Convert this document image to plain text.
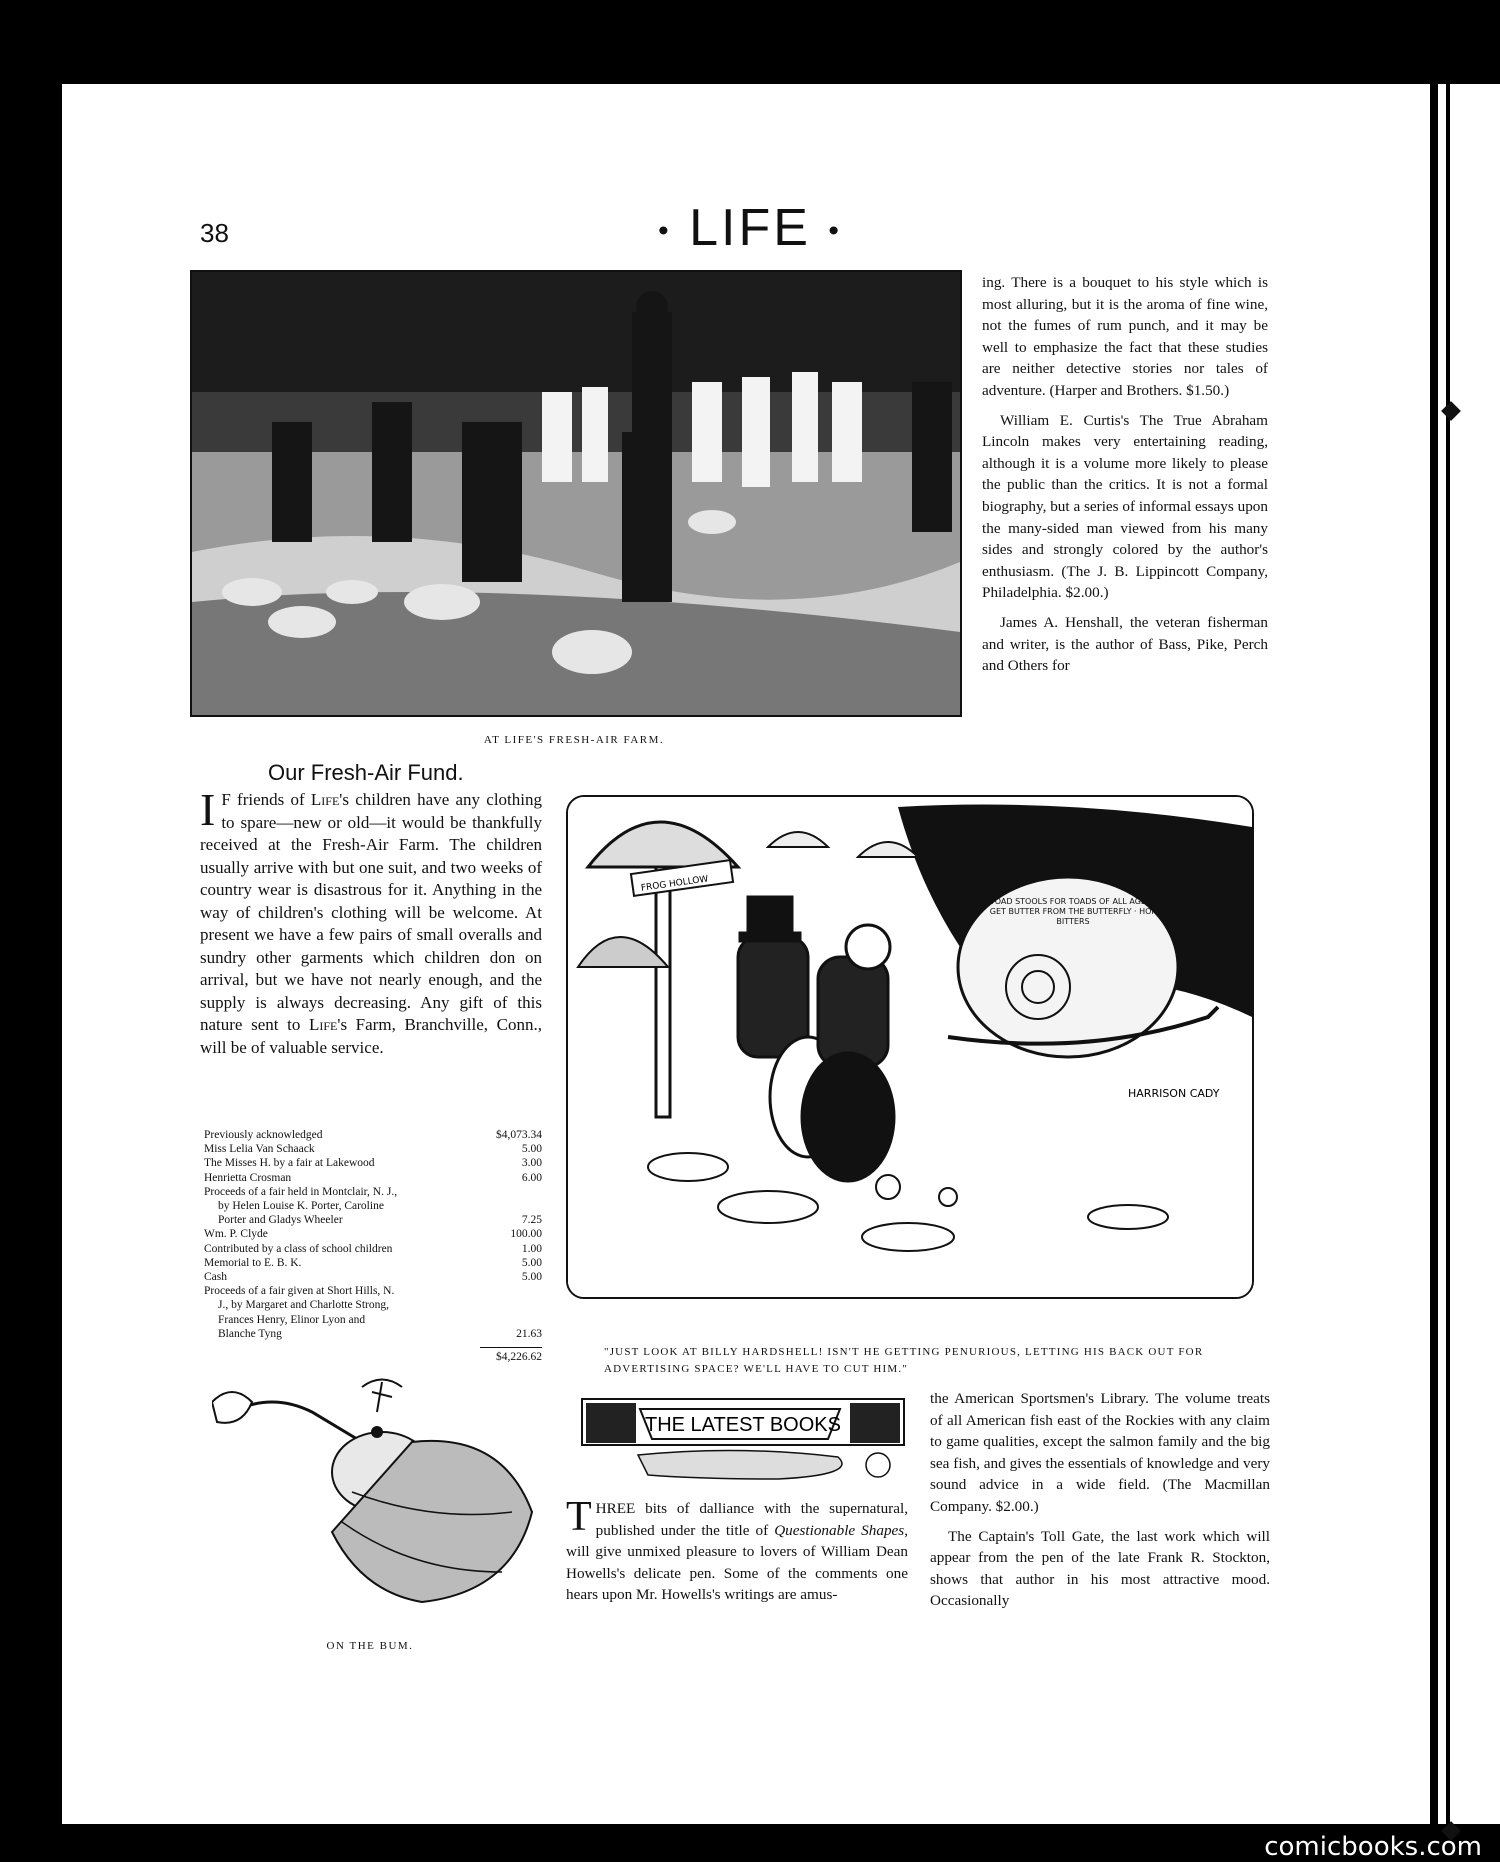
38	• LIFE •
AT LIFE'S FRESH-AIR FARM.

ing. There is a bouquet to his style which is most alluring, but it is the aroma of fine wine, not the fumes of rum punch, and it may be well to emphasize the fact that these studies are neither detective stories nor tales of adventure. (Harper and Brothers. $1.50.)

William E. Curtis's The True Abraham Lincoln makes very entertaining reading, although it is a volume more likely to please the public than the critics. It is not a formal biography, but a series of informal essays upon the many-sided man viewed from his many sides and strongly colored by the author's enthusiasm. (The J. B. Lippincott Company, Philadelphia. $2.00.)

James A. Henshall, the veteran fisherman and writer, is the author of Bass, Pike, Perch and Others for

Our Fresh-Air Fund.

I F friends of Life's children have any clothing to spare—new or old—it would be thankfully received at the Fresh-Air Farm. The children usually arrive with but one suit, and two weeks of country wear is disastrous for it. Anything in the way of children's clothing will be welcome. At present we have a few pairs of small overalls and sundry other garments which children don on arrival, but we have not nearly enough, and the supply is always decreasing. Any gift of this nature sent to Life's Farm, Branchville, Conn., will be of valuable service.

Previously acknowledged	$4,073.34
Miss Lelia Van Schaack	5.00
The Misses H. by a fair at Lakewood	3.00
Henrietta Crosman	6.00
Proceeds of a fair held in Montclair, N. J.,
by Helen Louise K. Porter, Caroline
Porter and Gladys Wheeler	7.25
Wm. P. Clyde	100.00
Contributed by a class of school children	1.00
Memorial to E. B. K.	5.00
Cash	5.00
Proceeds of a fair given at Short Hills, N.
J., by Margaret and Charlotte Strong,
Frances Henry, Elinor Lyon and
Blanche Tyng	21.63
$4,226.62
FROG HOLLOW
TOAD STOOLS FOR TOADS OF ALL AGES · GET BUTTER FROM THE BUTTERFLY · HOP BITTERS
HARRISON CADY
"JUST LOOK AT BILLY HARDSHELL! ISN'T HE GETTING PENURIOUS, LETTING HIS BACK OUT FOR ADVERTISING SPACE? WE'LL HAVE TO CUT HIM."
ON THE BUM.
THE LATEST BOOKS

THREE bits of dalliance with the supernatural, published under the title of Questionable Shapes, will give unmixed pleasure to lovers of William Dean Howells's delicate pen. Some of the comments one hears upon Mr. Howells's writings are amus-

the American Sportsmen's Library. The volume treats of all American fish east of the Rockies with any claim to game qualities, except the salmon family and the big sea fish, and gives the essentials of knowledge and very sound advice in a wide field. (The Macmillan Company. $2.00.)

The Captain's Toll Gate, the last work which will appear from the pen of the late Frank R. Stockton, shows that author in his most attractive mood. Occasionally

comicbooks.com
